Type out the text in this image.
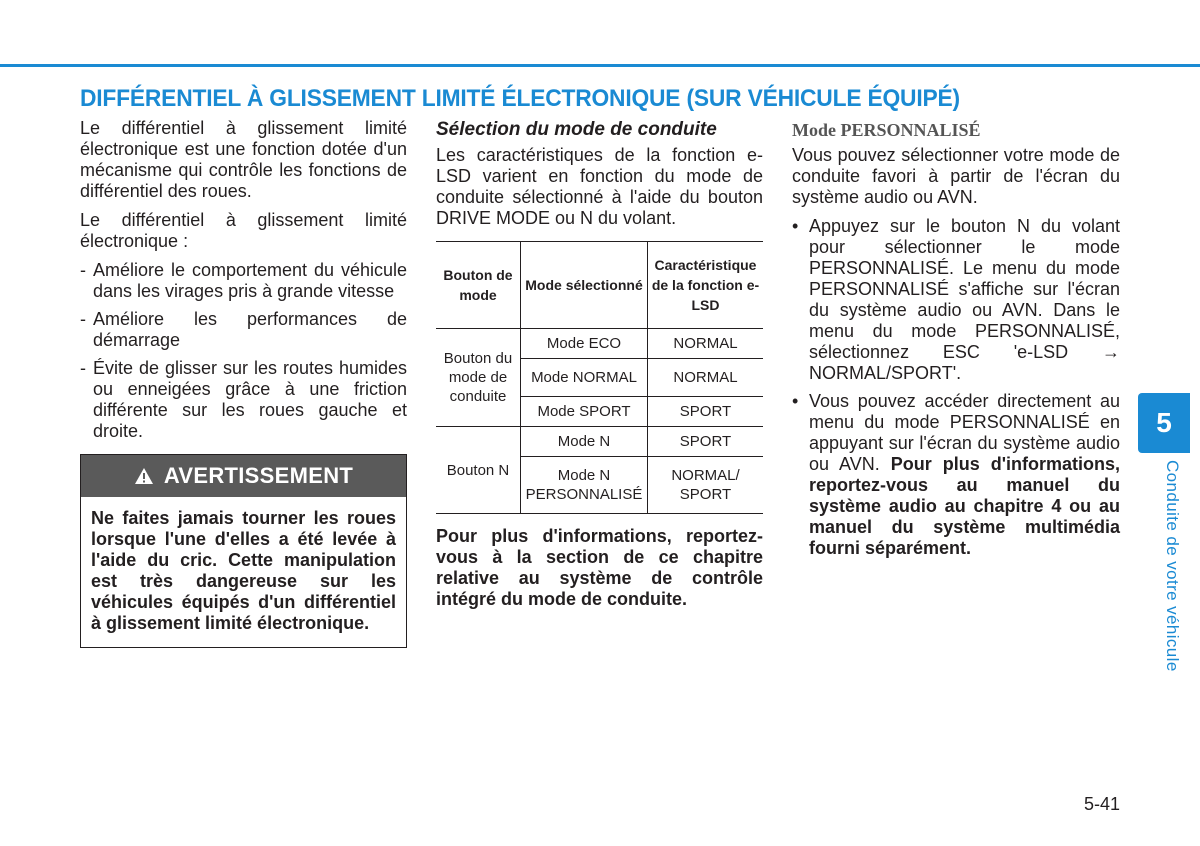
DIFFÉRENTIEL À GLISSEMENT LIMITÉ ÉLECTRONIQUE (SUR VÉHICULE ÉQUIPÉ)

Le différentiel à glissement limité électronique est une fonction dotée d'un mécanisme qui contrôle les fonctions de différentiel des roues.

Le différentiel à glissement limité électronique :

- Améliore le comportement du véhicule dans les virages pris à grande vitesse
- Améliore les performances de démarrage
- Évite de glisser sur les routes humides ou enneigées grâce à une friction différente sur les roues gauche et droite.
AVERTISSEMENT
Ne faites jamais tourner les roues lorsque l'une d'elles a été levée à l'aide du cric. Cette manipulation est très dangereuse sur les véhicules équipés d'un différentiel à glissement limité électronique.
Sélection du mode de conduite

Les caractéristiques de la fonction e-LSD varient en fonction du mode de conduite sélectionné à l'aide du bouton DRIVE MODE ou N du volant.

Bouton de mode	Mode sélectionné	Caractéristique de la fonction e-LSD
Bouton du mode de conduite	Mode ECO	NORMAL
	Mode NORMAL	NORMAL
	Mode SPORT	SPORT
Bouton N	Mode N	SPORT
	Mode N PERSONNALISÉ	NORMAL/ SPORT
Pour plus d'informations, reportez-vous à la section de ce chapitre relative au système de contrôle intégré du mode de conduite.
Mode PERSONNALISÉ

Vous pouvez sélectionner votre mode de conduite favori à partir de l'écran du système audio ou AVN.

• Appuyez sur le bouton N du volant pour sélectionner le mode PERSONNALISÉ. Le menu du mode PERSONNALISÉ s'affiche sur l'écran du système audio ou AVN. Dans le menu du mode PERSONNALISÉ, sélectionnez ESC 'e-LSD → NORMAL/SPORT'.
• Vous pouvez accéder directement au menu du mode PERSONNALISÉ en appuyant sur l'écran du système audio ou AVN. Pour plus d'informations, reportez-vous au manuel du système audio au chapitre 4 ou au manuel du système multimédia fourni séparément.
5
Conduite de votre véhicule
5-41
